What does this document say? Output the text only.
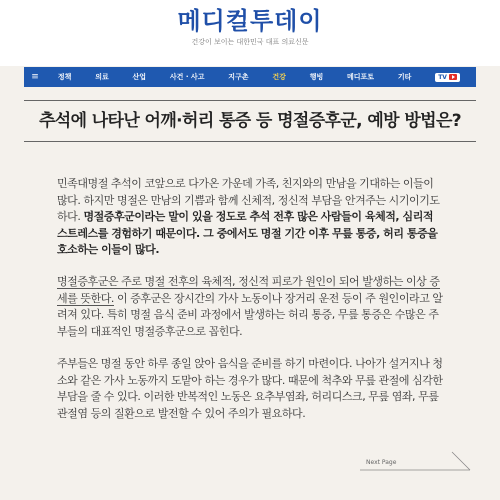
메디컬투데이
건강이 보이는 대한민국 대표 의료신문
≡	정책	의료	산업	사건 · 사고	지구촌	건강	행빙	메디포토	기타	TV
추석에 나타난 어깨·허리 통증 등 명절증후군, 예방 방법은?

민족대명절 추석이 코앞으로 다가온 가운데 가족, 친지와의 만남을 기대하는 이들이 많다. 하지만 명절은 만남의 기쁨과 함께 신체적, 정신적 부담을 안겨주는 시기이기도 하다. 명절증후군이라는 말이 있을 정도로 추석 전후 많은 사람들이 육체적, 심리적 스트레스를 경험하기 때문이다. 그 중에서도 명절 기간 이후 무릎 통증, 허리 통증을 호소하는 이들이 많다.

명절증후군은 주로 명절 전후의 육체적, 정신적 피로가 원인이 되어 발생하는 이상 증세를 뜻한다. 이 증후군은 장시간의 가사 노동이나 장거리 운전 등이 주 원인이라고 알려져 있다. 특히 명절 음식 준비 과정에서 발생하는 허리 통증, 무릎 통증은 수많은 주부들의 대표적인 명절증후군으로 꼽힌다.

주부들은 명절 동안 하루 종일 앉아 음식을 준비를 하기 마련이다. 나아가 설거지나 청소와 같은 가사 노동까지 도맡아 하는 경우가 많다. 때문에 척추와 무릎 관절에 심각한 부담을 줄 수 있다. 이러한 반복적인 노동은 요추부염좌, 허리디스크, 무릎 염좌, 무릎 관절염 등의 질환으로 발전할 수 있어 주의가 필요하다.

Next Page
